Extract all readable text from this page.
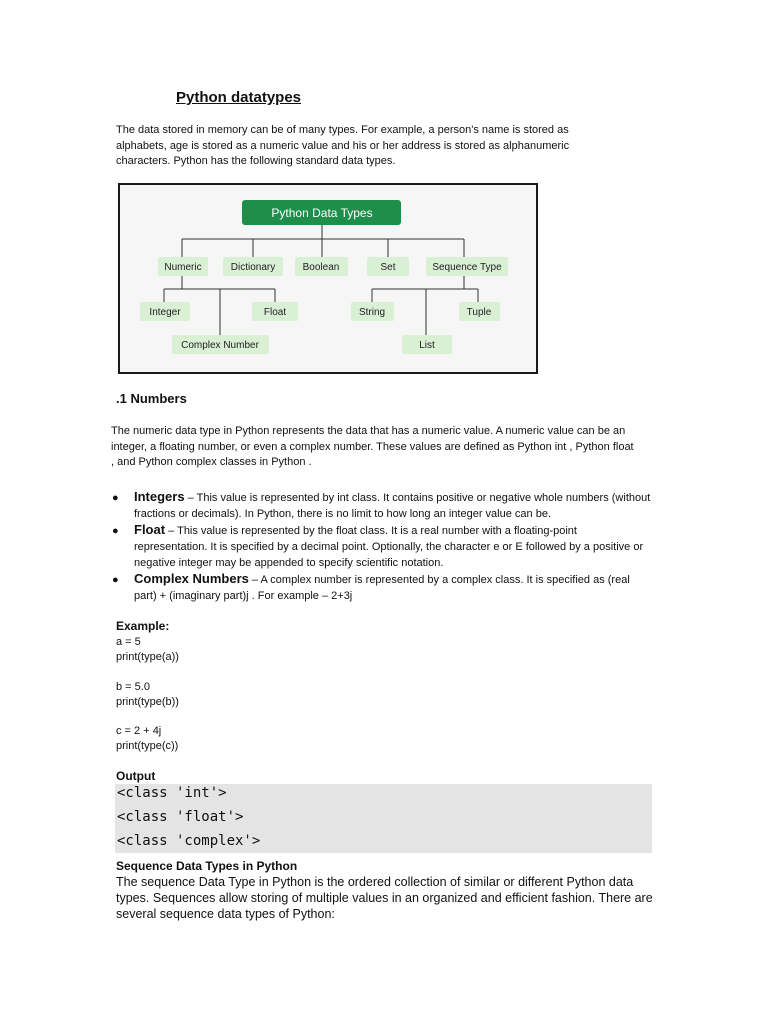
Python datatypes

The data stored in memory can be of many types. For example, a person's name is stored as alphabets, age is stored as a numeric value and his or her address is stored as alphanumeric characters. Python has the following standard data types.

Python Data Types
Numeric	Dictionary	Boolean	Set	Sequence Type
Integer	Float
Complex Number
String	Tuple
List
.1 Numbers

The numeric data type in Python represents the data that has a numeric value. A numeric value can be an integer, a floating number, or even a complex number. These values are defined as Python int , Python float , and Python complex classes in Python .

● Integers – This value is represented by int class. It contains positive or negative whole numbers (without fractions or decimals). In Python, there is no limit to how long an integer value can be.
● Float – This value is represented by the float class. It is a real number with a floating-point representation. It is specified by a decimal point. Optionally, the character e or E followed by a positive or negative integer may be appended to specify scientific notation.
● Complex Numbers – A complex number is represented by a complex class. It is specified as (real part) + (imaginary part)j . For example – 2+3j
Example:
a = 5
print(type(a))
b = 5.0
print(type(b))
c = 2 + 4j
print(type(c))
Output
<class 'int'>
<class 'float'>
<class 'complex'>
Sequence Data Types in Python

The sequence Data Type in Python is the ordered collection of similar or different Python data types. Sequences allow storing of multiple values in an organized and efficient fashion. There are several sequence data types of Python:
